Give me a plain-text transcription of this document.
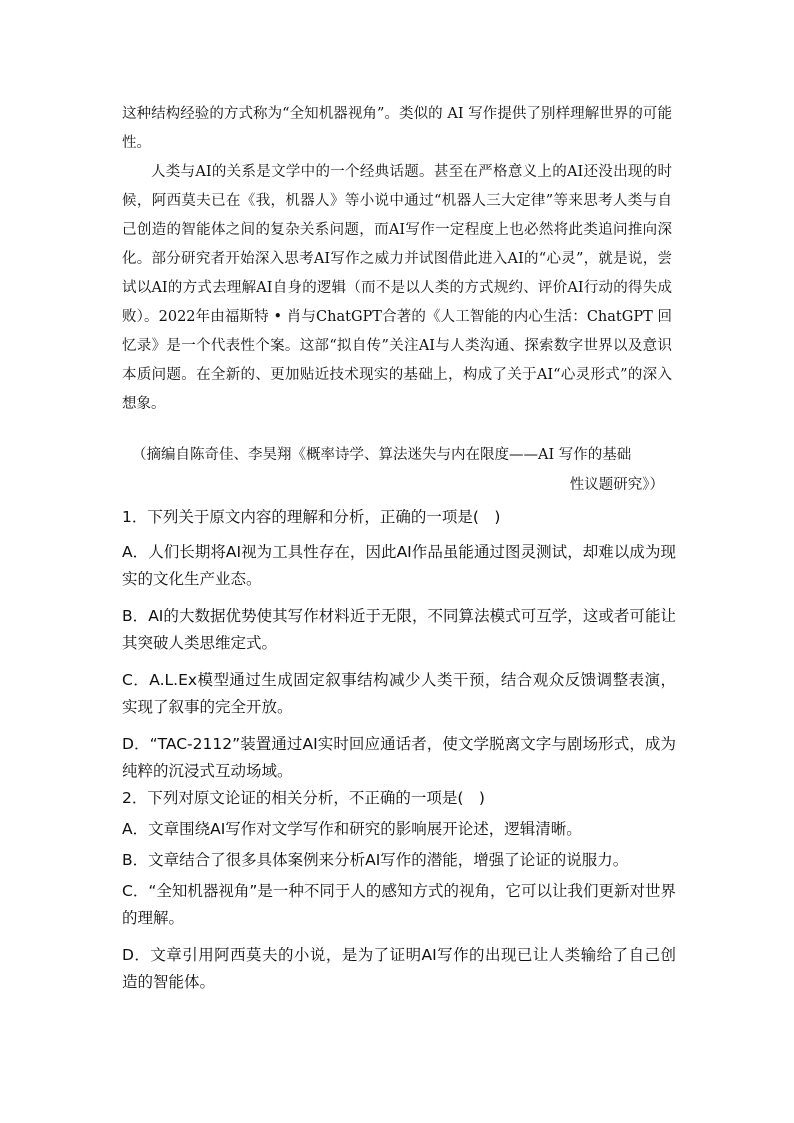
这种结构经验的方式称为“全知机器视角”。类似的 AI 写作提供了别样理解世界的可能性。

人类与AI的关系是文学中的一个经典话题。甚至在严格意义上的AI还没出现的时候，阿西莫夫已在《我，机器人》等小说中通过“机器人三大定律”等来思考人类与自己创造的智能体之间的复杂关系问题，而AI写作一定程度上也必然将此类追问推向深化。部分研究者开始深入思考AI写作之威力并试图借此进入AI的“心灵”，就是说，尝试以AI的方式去理解AI自身的逻辑（而不是以人类的方式规约、评价AI行动的得失成败）。2022年由福斯特 • 肖与ChatGPT合著的《人工智能的内心生活：ChatGPT 回忆录》是一个代表性个案。这部“拟自传”关注AI与人类沟通、探索数字世界以及意识本质问题。在全新的、更加贴近技术现实的基础上，构成了关于AI“心灵形式”的深入想象。

（摘编自陈奇佳、李昊翔《概率诗学、算法迷失与内在限度——AI 写作的基础
性议题研究》）
1．下列关于原文内容的理解和分析，正确的一项是(　)
A．人们长期将AI视为工具性存在，因此AI作品虽能通过图灵测试，却难以成为现实的文化生产业态。
B．AI的大数据优势使其写作材料近于无限，不同算法模式可互学，这或者可能让其突破人类思维定式。
C．A.L.Ex模型通过生成固定叙事结构减少人类干预，结合观众反馈调整表演，实现了叙事的完全开放。
D．“TAC-2112”装置通过AI实时回应通话者，使文学脱离文字与剧场形式，成为纯粹的沉浸式互动场域。
2．下列对原文论证的相关分析，不正确的一项是(　)
A．文章围绕AI写作对文学写作和研究的影响展开论述，逻辑清晰。
B．文章结合了很多具体案例来分析AI写作的潜能，增强了论证的说服力。
C．“全知机器视角”是一种不同于人的感知方式的视角，它可以让我们更新对世界的理解。
D．文章引用阿西莫夫的小说，是为了证明AI写作的出现已让人类输给了自己创造的智能体。
